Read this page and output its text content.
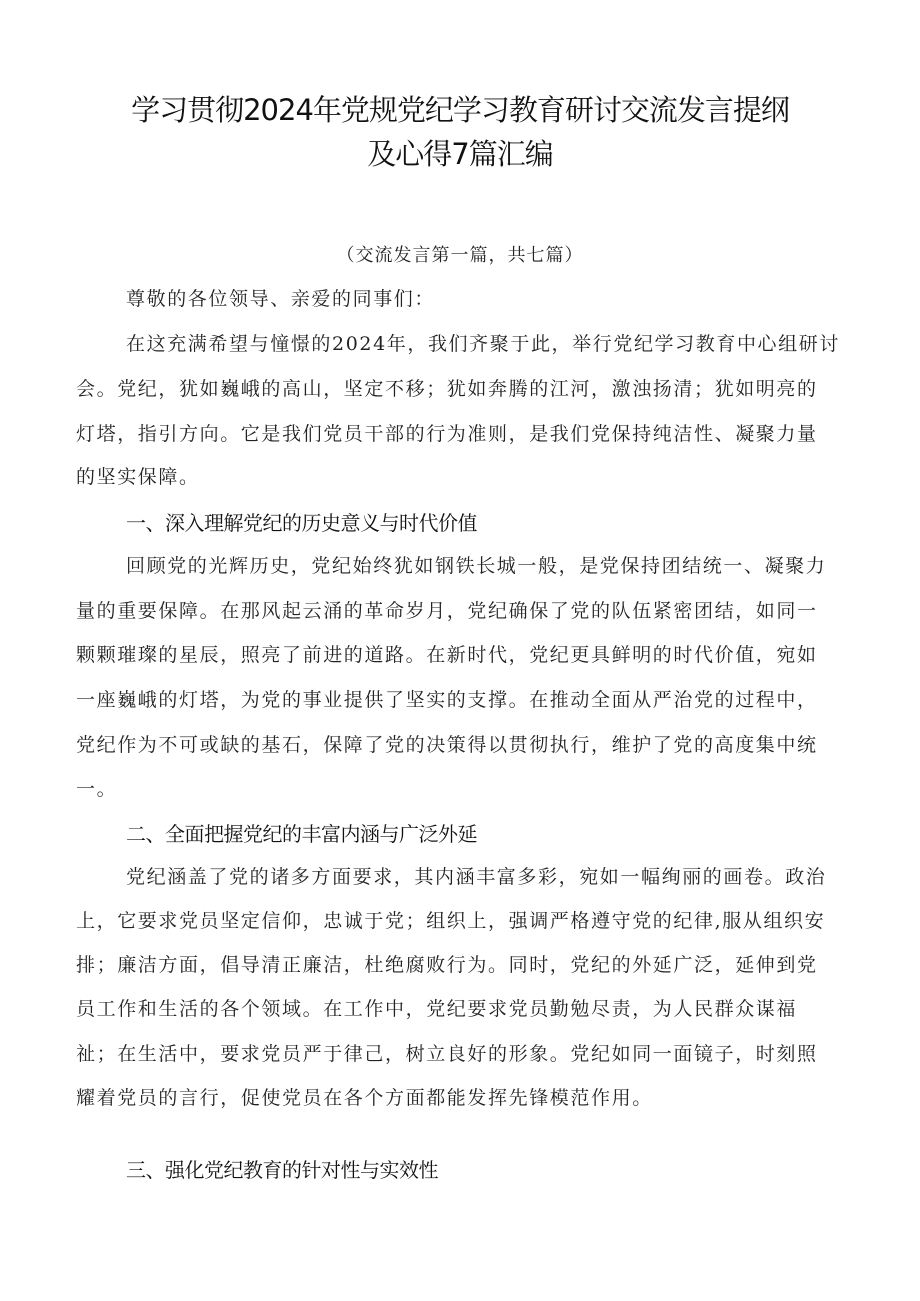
学习贯彻2024年党规党纪学习教育研讨交流发言提纲
及心得7篇汇编
（交流发言第一篇，共七篇）
尊敬的各位领导、亲爱的同事们：
在这充满希望与憧憬的2024年，我们齐聚于此，举行党纪学习教育中心组研讨
会。党纪，犹如巍峨的高山，坚定不移；犹如奔腾的江河，激浊扬清；犹如明亮的
灯塔，指引方向。它是我们党员干部的行为准则，是我们党保持纯洁性、凝聚力量
的坚实保障。
一、深入理解党纪的历史意义与时代价值
回顾党的光辉历史，党纪始终犹如钢铁长城一般，是党保持团结统一、凝聚力
量的重要保障。在那风起云涌的革命岁月，党纪确保了党的队伍紧密团结，如同一
颗颗璀璨的星辰，照亮了前进的道路。在新时代，党纪更具鲜明的时代价值，宛如
一座巍峨的灯塔，为党的事业提供了坚实的支撑。在推动全面从严治党的过程中，
党纪作为不可或缺的基石，保障了党的决策得以贯彻执行，维护了党的高度集中统
一。
二、全面把握党纪的丰富内涵与广泛外延
党纪涵盖了党的诸多方面要求，其内涵丰富多彩，宛如一幅绚丽的画卷。政治
上，它要求党员坚定信仰，忠诚于党；组织上，强调严格遵守党的纪律,服从组织安
排；廉洁方面，倡导清正廉洁，杜绝腐败行为。同时，党纪的外延广泛，延伸到党
员工作和生活的各个领域。在工作中，党纪要求党员勤勉尽责，为人民群众谋福
祉；在生活中，要求党员严于律己，树立良好的形象。党纪如同一面镜子，时刻照
耀着党员的言行，促使党员在各个方面都能发挥先锋模范作用。
三、强化党纪教育的针对性与实效性
